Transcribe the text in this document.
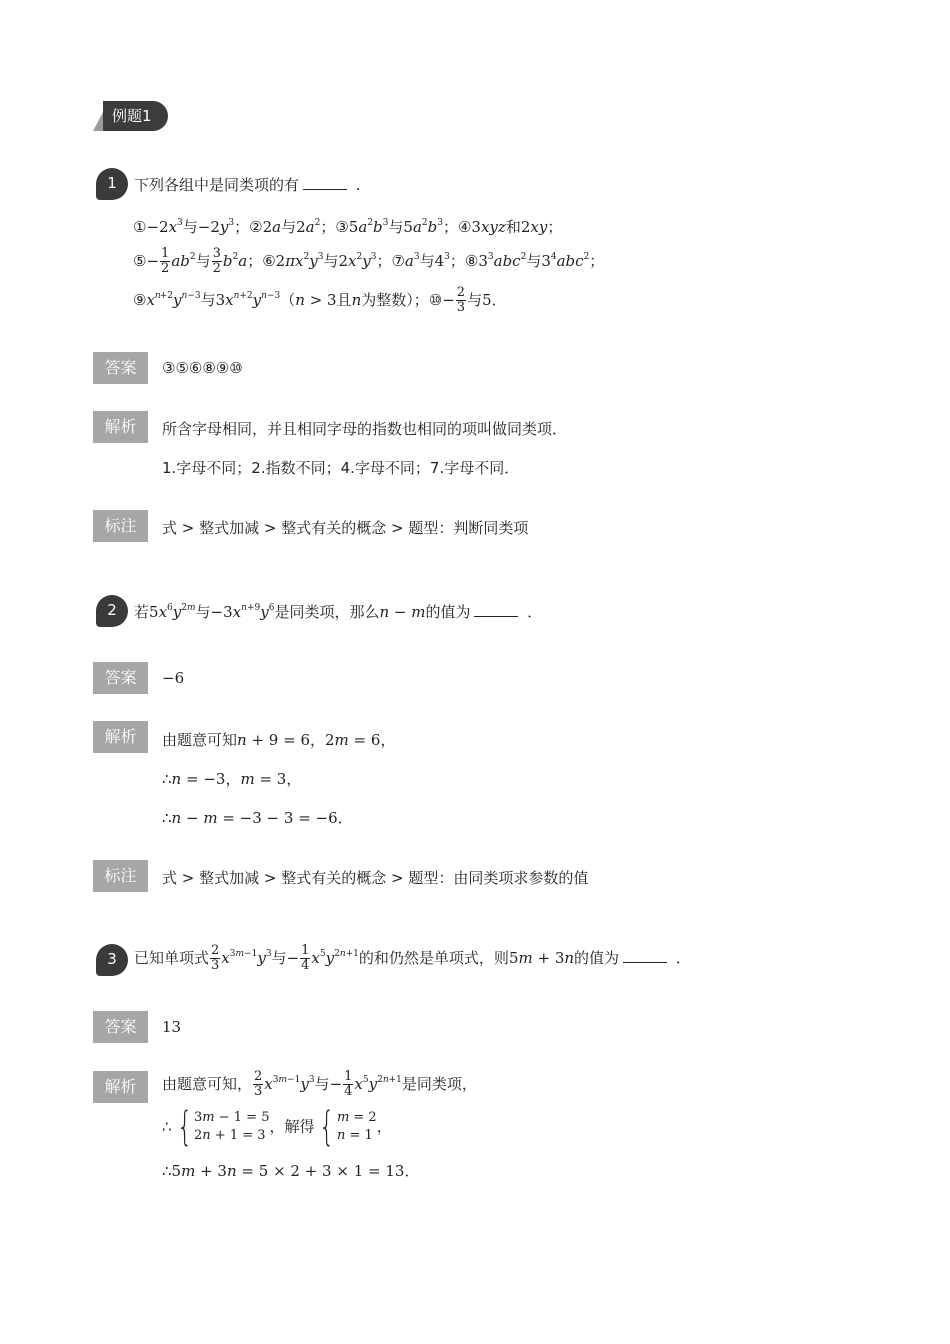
例题1
1	下列各组中是同类项的有	.
$①-2x^3$与$-2y^3$；②2a与$2a^2$；$③5a^2b^3$与$5a^2b^3$；④3xyz和2xy；
⑤− $\frac{1}{2} ab^2$与 $\frac{3}{2} b^2a$；$⑥2\pi x^2y^3$与$2x^2y^3$；$⑦a^3$与$4^3$；$⑧3^3abc^2$与$3^4abc^2$；
$⑨x^{n+2}y^{n-3}$与$3x^{n+2}y^{n-3}(n > 3$且n为整数）；⑩− $\frac{2}{3}$ 与5．
答案	③⑤⑥⑧⑨⑩
解析	所含字母相同，并且相同字母的指数也相同的项叫做同类项．
1.字母不同；2.指数不同；4.字母不同；7.字母不同．
标注	式 > 整式加减 > 整式有关的概念 > 题型：判断同类项
2	若$5x^6y^{2m}$与$-3x^{n+9}y^6$是同类项，那么n − m的值为	．
答案	−6
解析	由题意可知n + 9 = 6，2m = 6，
∴n = −3，m = 3，
∴n − m = −3 − 3 = −6．
标注	式 > 整式加减 > 整式有关的概念 > 题型：由同类项求参数的值
3	已知单项式 $\frac{2}{3} x^{3m-1}y^3$与− $\frac{1}{4} x^5y^{2n+1}$的和仍然是单项式，则5m + 3n的值为	．
答案	13
解析	由题意可知， $\frac{2}{3} x^{3m-1}y^3$与− $\frac{1}{4} x^5y^{2n+1}$是同类项，
∴ { 3m − 1 = 5
2n + 1 = 3 ，解得 { m = 2
n = 1 ，
∴5m + 3n = 5 × 2 + 3 × 1 = 13．
